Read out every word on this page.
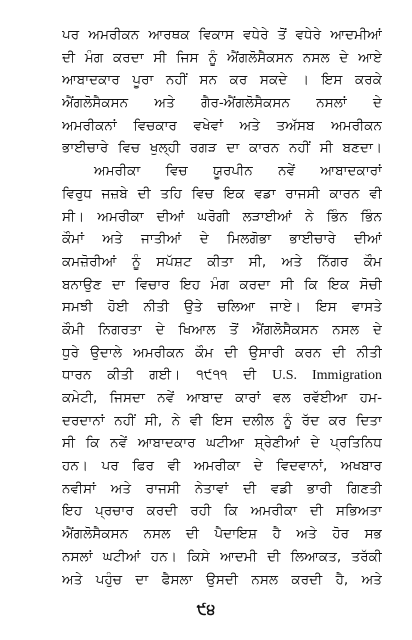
ਪਰ ਅਮਰੀਕਨ ਆਰਥਕ ਵਿਕਾਸ ਵਧੇਰੇ ਤੋਂ ਵਧੇਰੇ ਆਦਮੀਆਂ
ਦੀ ਮੰਗ ਕਰਦਾ ਸੀ ਜਿਸ ਨੂੰ ਐਂਗਲੋਸੈਕਸਨ ਨਸਲ ਦੇ ਆਏ
ਆਬਾਦਕਾਰ ਪੂਰਾ ਨਹੀਂ ਸਨ ਕਰ ਸਕਦੇ । ਇਸ ਕਰਕੇ
ਐਂਗਲੋਸੈਕਸਨ ਅਤੇ ਗੈਰ-ਐਂਗਲੋਸੈਕਸਨ ਨਸਲਾਂ ਦੇ
ਅਮਰੀਕਨਾਂ ਵਿਚਕਾਰ ਵਖੇਵਾਂ ਅਤੇ ਤਅੱਸਬ ਅਮਰੀਕਨ
ਭਾਈਚਾਰੇ ਵਿਚ ਖੁਲ੍ਹੀ ਰਗੜ ਦਾ ਕਾਰਨ ਨਹੀਂ ਸੀ ਬਣਦਾ।
ਅਮਰੀਕਾ ਵਿਚ ਯੂਰਪੀਨ ਨਵੇਂ ਆਬਾਦਕਾਰਾਂ
ਵਿਰੁਧ ਜਜ਼ਬੇ ਦੀ ਤਹਿ ਵਿਚ ਇਕ ਵਡਾ ਰਾਜਸੀ ਕਾਰਨ ਵੀ
ਸੀ। ਅਮਰੀਕਾ ਦੀਆਂ ਘਰੋਗੀ ਲੜਾਈਆਂ ਨੇ ਭਿੰਨ ਭਿੰਨ
ਕੌਮਾਂ ਅਤੇ ਜਾਤੀਆਂ ਦੇ ਮਿਲਗੋਭਾ ਭਾਈਚਾਰੇ ਦੀਆਂ
ਕਮਜ਼ੋਰੀਆਂ ਨੂੰ ਸਪੱਸ਼ਟ ਕੀਤਾ ਸੀ, ਅਤੇ ਨਿੱਗਰ ਕੌਮ
ਬਨਾਉਣ ਦਾ ਵਿਚਾਰ ਇਹ ਮੰਗ ਕਰਦਾ ਸੀ ਕਿ ਇਕ ਸੋਚੀ
ਸਮਝੀ ਹੋਈ ਨੀਤੀ ਉਤੇ ਚਲਿਆ ਜਾਏ। ਇਸ ਵਾਸਤੇ
ਕੌਮੀ ਨਿਗਰਤਾ ਦੇ ਖਿਆਲ ਤੋਂ ਐਂਗਲੋਸੈਕਸਨ ਨਸਲ ਦੇ
ਧੁਰੇ ਉਦਾਲੇ ਅਮਰੀਕਨ ਕੌਮ ਦੀ ਉਸਾਰੀ ਕਰਨ ਦੀ ਨੀਤੀ
ਧਾਰਨ ਕੀਤੀ ਗਈ। ੧੯੧੧ ਦੀ U.S. Immigration
ਕਮੇਟੀ, ਜਿਸਦਾ ਨਵੇਂ ਆਬਾਦ ਕਾਰਾਂ ਵਲ ਰਵੱਈਆ ਹਮ-
ਦਰਦਾਨਾਂ ਨਹੀਂ ਸੀ, ਨੇ ਵੀ ਇਸ ਦਲੀਲ ਨੂੰ ਰੱਦ ਕਰ ਦਿਤਾ
ਸੀ ਕਿ ਨਵੇਂ ਆਬਾਦਕਾਰ ਘਟੀਆ ਸ਼੍ਰੇਣੀਆਂ ਦੇ ਪ੍ਰਤਿਨਿਧ
ਹਨ। ਪਰ ਫਿਰ ਵੀ ਅਮਰੀਕਾ ਦੇ ਵਿਦਵਾਨਾਂ, ਅਖਬਾਰ
ਨਵੀਸਾਂ ਅਤੇ ਰਾਜਸੀ ਨੇਤਾਵਾਂ ਦੀ ਵਡੀ ਭਾਰੀ ਗਿਣਤੀ
ਇਹ ਪ੍ਰਚਾਰ ਕਰਦੀ ਰਹੀ ਕਿ ਅਮਰੀਕਾ ਦੀ ਸਭਿਅਤਾ
ਐਂਗਲੋਸੈਕਸਨ ਨਸਲ ਦੀ ਪੈਦਾਇਸ਼ ਹੈ ਅਤੇ ਹੋਰ ਸਭ
ਨਸਲਾਂ ਘਟੀਆਂ ਹਨ। ਕਿਸੇ ਆਦਮੀ ਦੀ ਲਿਆਕਤ, ਤਰੱਕੀ
ਅਤੇ ਪਹੁੰਚ ਦਾ ਫੈਸਲਾ ਉਸਦੀ ਨਸਲ ਕਰਦੀ ਹੈ, ਅਤੇ
੯੪
